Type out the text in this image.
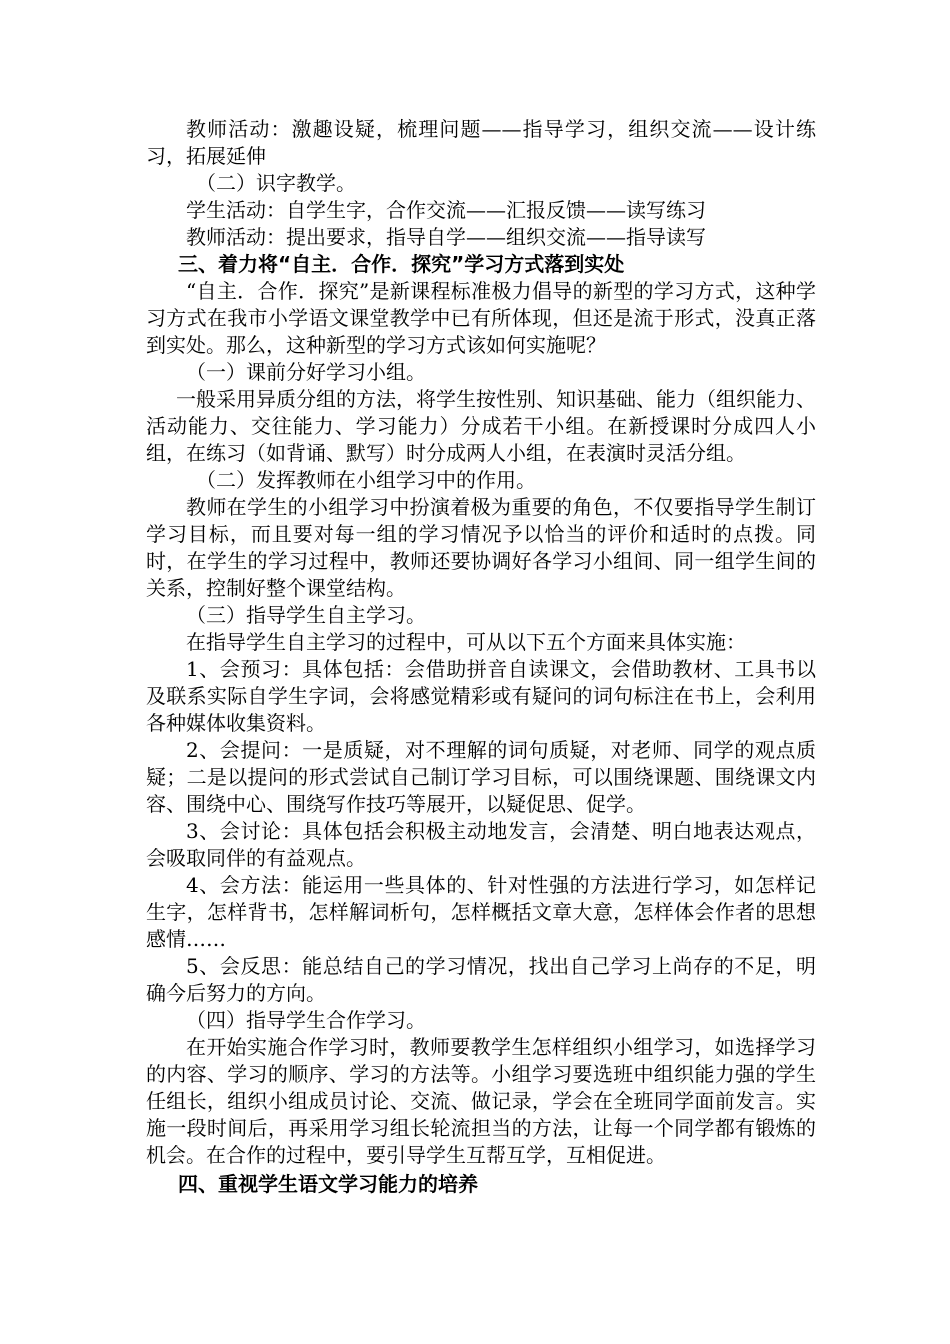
教师活动：激趣设疑，梳理问题——指导学习，组织交流——设计练习，拓展延伸

（二）识字教学。

学生活动：自学生字，合作交流——汇报反馈——读写练习

教师活动：提出要求，指导自学——组织交流——指导读写

三、着力将“自主．合作．探究”学习方式落到实处

“自主．合作．探究”是新课程标准极力倡导的新型的学习方式，这种学习方式在我市小学语文课堂教学中已有所体现，但还是流于形式，没真正落到实处。那么，这种新型的学习方式该如何实施呢？

（一）课前分好学习小组。

一般采用异质分组的方法，将学生按性别、知识基础、能力（组织能力、活动能力、交往能力、学习能力）分成若干小组。在新授课时分成四人小组，在练习（如背诵、默写）时分成两人小组，在表演时灵活分组。

（二）发挥教师在小组学习中的作用。

教师在学生的小组学习中扮演着极为重要的角色，不仅要指导学生制订学习目标，而且要对每一组的学习情况予以恰当的评价和适时的点拨。同时，在学生的学习过程中，教师还要协调好各学习小组间、同一组学生间的关系，控制好整个课堂结构。

（三）指导学生自主学习。

在指导学生自主学习的过程中，可从以下五个方面来具体实施：

1、会预习：具体包括：会借助拼音自读课文，会借助教材、工具书以及联系实际自学生字词，会将感觉精彩或有疑问的词句标注在书上，会利用各种媒体收集资料。

2、会提问：一是质疑，对不理解的词句质疑，对老师、同学的观点质疑；二是以提问的形式尝试自己制订学习目标，可以围绕课题、围绕课文内容、围绕中心、围绕写作技巧等展开，以疑促思、促学。

3、会讨论：具体包括会积极主动地发言，会清楚、明白地表达观点，会吸取同伴的有益观点。

4、会方法：能运用一些具体的、针对性强的方法进行学习，如怎样记生字，怎样背书，怎样解词析句，怎样概括文章大意，怎样体会作者的思想感情……

5、会反思：能总结自己的学习情况，找出自己学习上尚存的不足，明确今后努力的方向。

（四）指导学生合作学习。

在开始实施合作学习时，教师要教学生怎样组织小组学习，如选择学习的内容、学习的顺序、学习的方法等。小组学习要选班中组织能力强的学生任组长，组织小组成员讨论、交流、做记录，学会在全班同学面前发言。实施一段时间后，再采用学习组长轮流担当的方法，让每一个同学都有锻炼的机会。在合作的过程中，要引导学生互帮互学，互相促进。

四、重视学生语文学习能力的培养
